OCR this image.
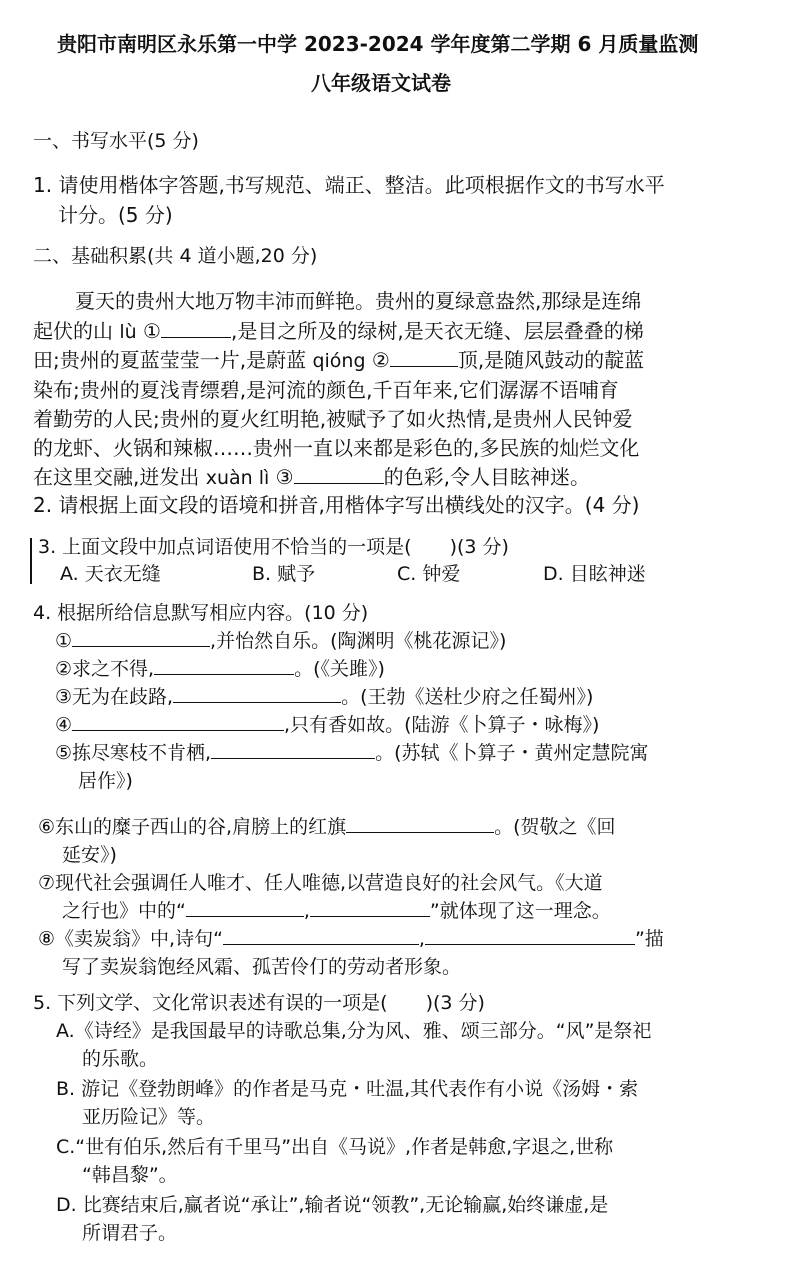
贵阳市南明区永乐第一中学 2023-2024 学年度第二学期 6 月质量监测
八年级语文试卷
一、书写水平(5 分)
1. 请使用楷体字答题,书写规范、端正、整洁。此项根据作文的书写水平
计分。(5 分)
二、基础积累(共 4 道小题,20 分)
夏天的贵州大地万物丰沛而鲜艳。贵州的夏绿意盎然,那绿是连绵
起伏的山 lù ①	,是目之所及的绿树,是天衣无缝、层层叠叠的梯
田;贵州的夏蓝莹莹一片,是蔚蓝 qióng ②	顶,是随风鼓动的靛蓝
染布;贵州的夏浅青缥碧,是河流的颜色,千百年来,它们潺潺不语哺育
着勤劳的人民;贵州的夏火红明艳,被赋予了如火热情,是贵州人民钟爱
的龙虾、火锅和辣椒……贵州一直以来都是彩色的,多民族的灿烂文化
在这里交融,迸发出 xuàn lì ③	的色彩,令人目眩神迷。
2. 请根据上面文段的语境和拼音,用楷体字写出横线处的汉字。(4 分)
3. 上面文段中加点词语使用不恰当的一项是(　　)(3 分)
A. 天衣无缝	B. 赋予	C. 钟爱	D. 目眩神迷
4. 根据所给信息默写相应内容。(10 分)
①	,并怡然自乐。(陶渊明《桃花源记》)
②求之不得,	。(《关雎》)
③无为在歧路,	。(王勃《送杜少府之任蜀州》)
④	,只有香如故。(陆游《卜算子・咏梅》)
⑤拣尽寒枝不肯栖,	。(苏轼《卜算子・黄州定慧院寓
居作》)
⑥东山的糜子西山的谷,肩膀上的红旗	。(贺敬之《回
延安》)
⑦现代社会强调任人唯才、任人唯德,以营造良好的社会风气。《大道
之行也》中的“	,	”就体现了这一理念。
⑧《卖炭翁》中,诗句“	,	”描
写了卖炭翁饱经风霜、孤苦伶仃的劳动者形象。
5. 下列文学、文化常识表述有误的一项是(　　)(3 分)
A.《诗经》是我国最早的诗歌总集,分为风、雅、颂三部分。“风”是祭祀
的乐歌。
B. 游记《登勃朗峰》的作者是马克・吐温,其代表作有小说《汤姆・索
亚历险记》等。
C.“世有伯乐,然后有千里马”出自《马说》,作者是韩愈,字退之,世称
“韩昌黎”。
D. 比赛结束后,赢者说“承让”,输者说“领教”,无论输赢,始终谦虚,是
所谓君子。
